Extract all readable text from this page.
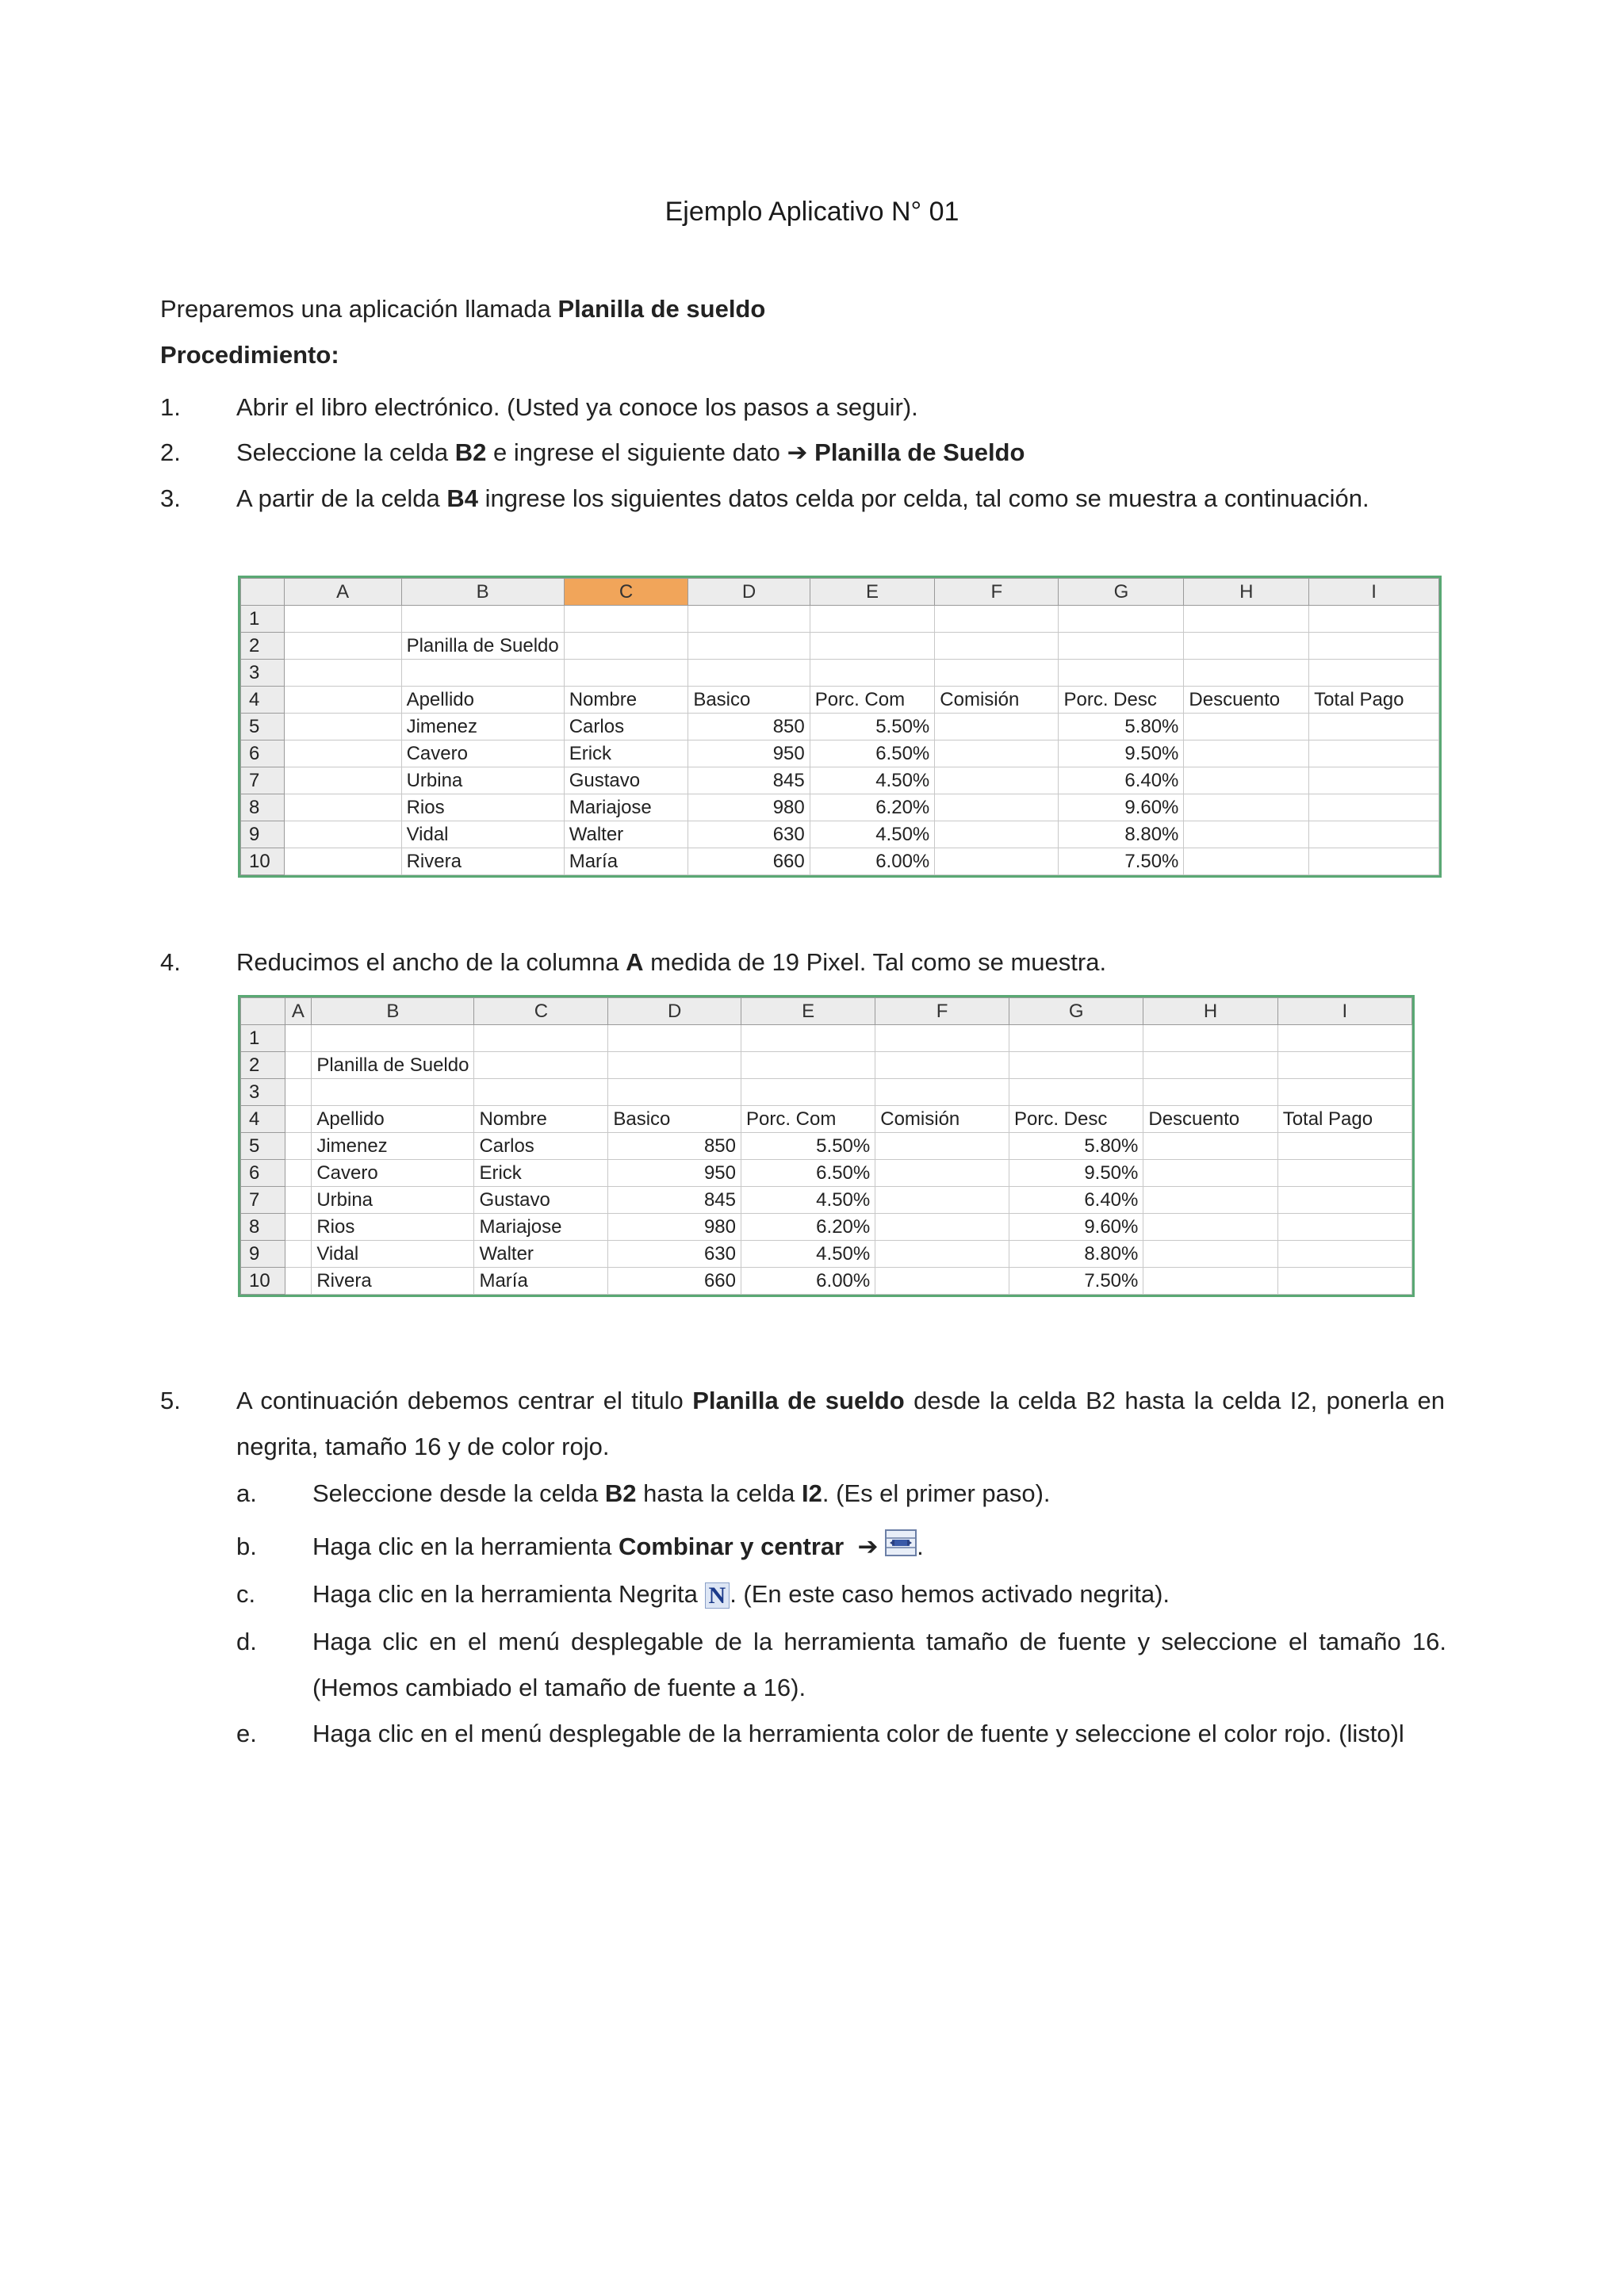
Ejemplo Aplicativo N° 01
Preparemos una aplicación llamada Planilla de sueldo
Procedimiento:
1. Abrir el libro electrónico. (Usted ya conoce los pasos a seguir).
2. Seleccione la celda B2 e ingrese el siguiente dato ➔ Planilla de Sueldo
3. A partir de la celda B4 ingrese los siguientes datos celda por celda, tal como se muestra a continuación.
	A	B	C	D	E	F	G	H	I
1									
2		Planilla de Sueldo							
3									
4		Apellido	Nombre	Basico	Porc. Com	Comisión	Porc. Desc	Descuento	Total Pago
5		Jimenez	Carlos	850	5.50%		5.80%		
6		Cavero	Erick	950	6.50%		9.50%		
7		Urbina	Gustavo	845	4.50%		6.40%		
8		Rios	Mariajose	980	6.20%		9.60%		
9		Vidal	Walter	630	4.50%		8.80%		
10		Rivera	María	660	6.00%		7.50%		
4. Reducimos el ancho de la columna A medida de 19 Pixel. Tal como se muestra.
	A	B	C	D	E	F	G	H	I
1									
2		Planilla de Sueldo							
3									
4		Apellido	Nombre	Basico	Porc. Com	Comisión	Porc. Desc	Descuento	Total Pago
5		Jimenez	Carlos	850	5.50%		5.80%		
6		Cavero	Erick	950	6.50%		9.50%		
7		Urbina	Gustavo	845	4.50%		6.40%		
8		Rios	Mariajose	980	6.20%		9.60%		
9		Vidal	Walter	630	4.50%		8.80%		
10		Rivera	María	660	6.00%		7.50%		
5. A continuación debemos centrar el titulo Planilla de sueldo desde la celda B2 hasta la celda I2, ponerla en negrita, tamaño 16 y de color rojo.
a. Seleccione desde la celda B2 hasta la celda I2. (Es el primer paso).
b. Haga clic en la herramienta Combinar y centrar ➔ .
c. Haga clic en la herramienta Negrita N . (En este caso hemos activado negrita).
d. Haga clic en el menú desplegable de la herramienta tamaño de fuente y seleccione el tamaño 16. (Hemos cambiado el tamaño de fuente a 16).
e. Haga clic en el menú desplegable de la herramienta color de fuente y seleccione el color rojo. (listo)l
